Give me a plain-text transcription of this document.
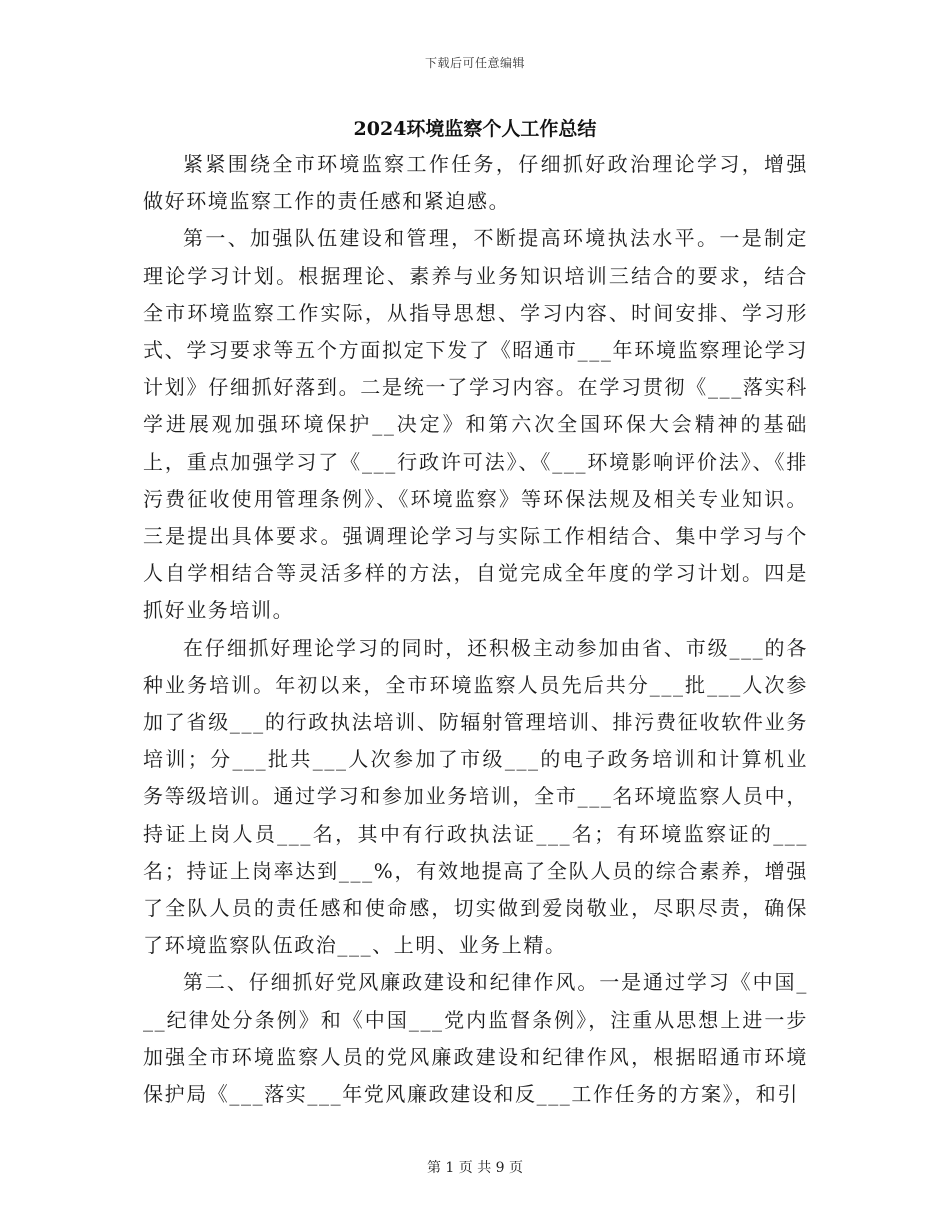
下载后可任意编辑
2024环境监察个人工作总结

紧紧围绕全市环境监察工作任务，仔细抓好政治理论学习，增强做好环境监察工作的责任感和紧迫感。

第一、加强队伍建设和管理，不断提高环境执法水平。一是制定理论学习计划。根据理论、素养与业务知识培训三结合的要求，结合全市环境监察工作实际，从指导思想、学习内容、时间安排、学习形式、学习要求等五个方面拟定下发了《昭通市___年环境监察理论学习计划》仔细抓好落到。二是统一了学习内容。在学习贯彻《___落实科学进展观加强环境保护__决定》和第六次全国环保大会精神的基础上，重点加强学习了《___行政许可法》、《___环境影响评价法》、《排污费征收使用管理条例》、《环境监察》等环保法规及相关专业知识。三是提出具体要求。强调理论学习与实际工作相结合、集中学习与个人自学相结合等灵活多样的方法，自觉完成全年度的学习计划。四是抓好业务培训。

在仔细抓好理论学习的同时，还积极主动参加由省、市级___的各种业务培训。年初以来，全市环境监察人员先后共分___批___人次参加了省级___的行政执法培训、防辐射管理培训、排污费征收软件业务培训；分___批共___人次参加了市级___的电子政务培训和计算机业务等级培训。通过学习和参加业务培训，全市___名环境监察人员中，持证上岗人员___名，其中有行政执法证___名；有环境监察证的___名；持证上岗率达到___%，有效地提高了全队人员的综合素养，增强了全队人员的责任感和使命感，切实做到爱岗敬业，尽职尽责，确保了环境监察队伍政治___、上明、业务上精。

第二、仔细抓好党风廉政建设和纪律作风。一是通过学习《中国___纪律处分条例》和《中国___党内监督条例》，注重从思想上进一步加强全市环境监察人员的党风廉政建设和纪律作风，根据昭通市环境保护局《___落实___年党风廉政建设和反___工作任务的方案》，和引

第 1 页 共 9 页
